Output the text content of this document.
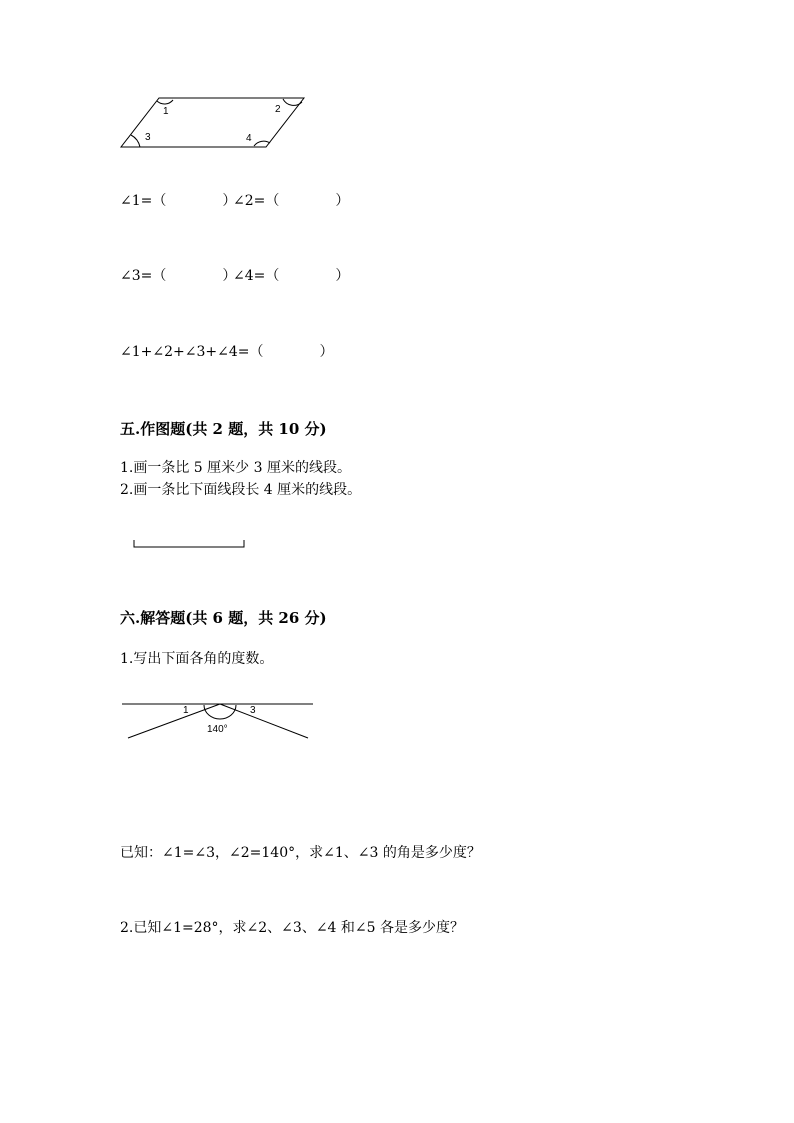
1	2
3	4
∠1=（	）
∠2=（	）
∠3=（	）
∠4=（	）
∠1+∠2+∠3+∠4=（	）
五.作图题(共 2 题，共 10 分)
1.画一条比 5 厘米少 3 厘米的线段。
2.画一条比下面线段长 4 厘米的线段。
六.解答题(共 6 题，共 26 分)
1.写出下面各角的度数。
1	3
140°
已知：∠1=∠3，∠2=140°，求∠1、∠3 的角是多少度？
2.已知∠1=28°，求∠2、∠3、∠4 和∠5 各是多少度？
